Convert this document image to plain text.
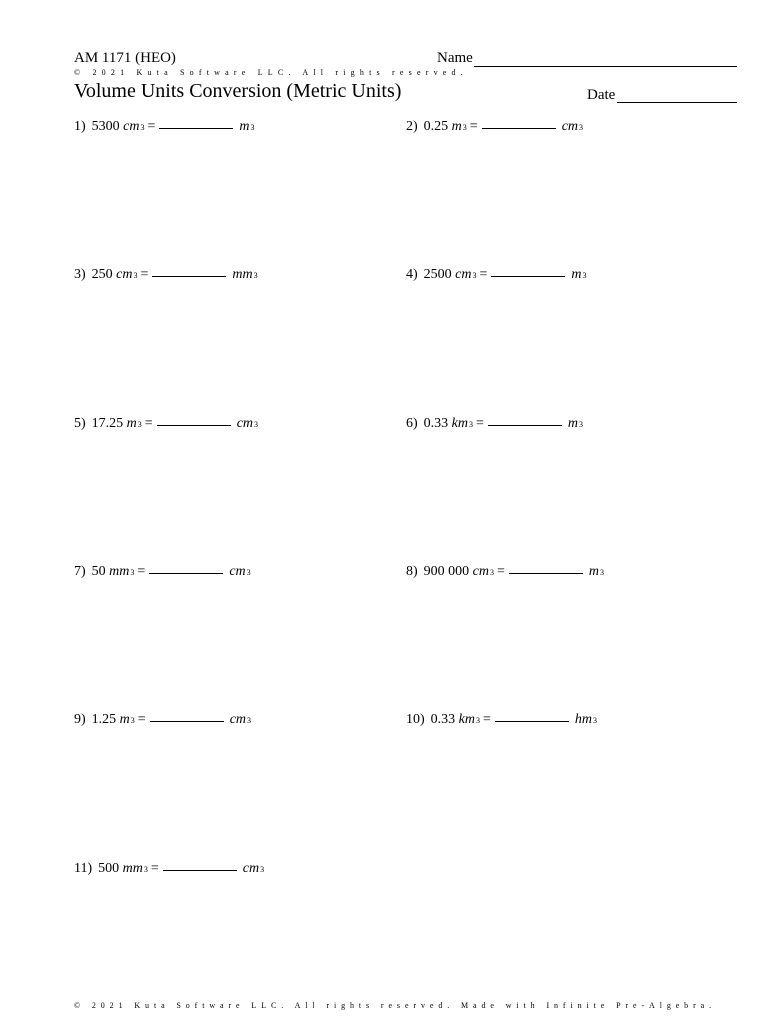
AM 1171 (HEO)
© 2021 Kuta Software LLC. All rights reserved.
Volume Units Conversion (Metric Units)
Name
Date
1) 5300
cm 3 =	m 3	2) 0.25
m 3 =	cm 3
3) 250
cm 3 =	mm 3	4) 2500
cm 3 =	m 3
5) 17.25
m 3 =	cm 3	6) 0.33
km 3 =	m 3
7) 50
mm 3 =	cm 3	8) 900 000
cm 3 =	m 3
9) 1.25
m 3 =	cm 3	10) 0.33
km 3 =	hm 3
11) 500
mm 3 =	cm 3
© 2021 Kuta Software LLC. All rights reserved. Made with Infinite Pre-Algebra.
